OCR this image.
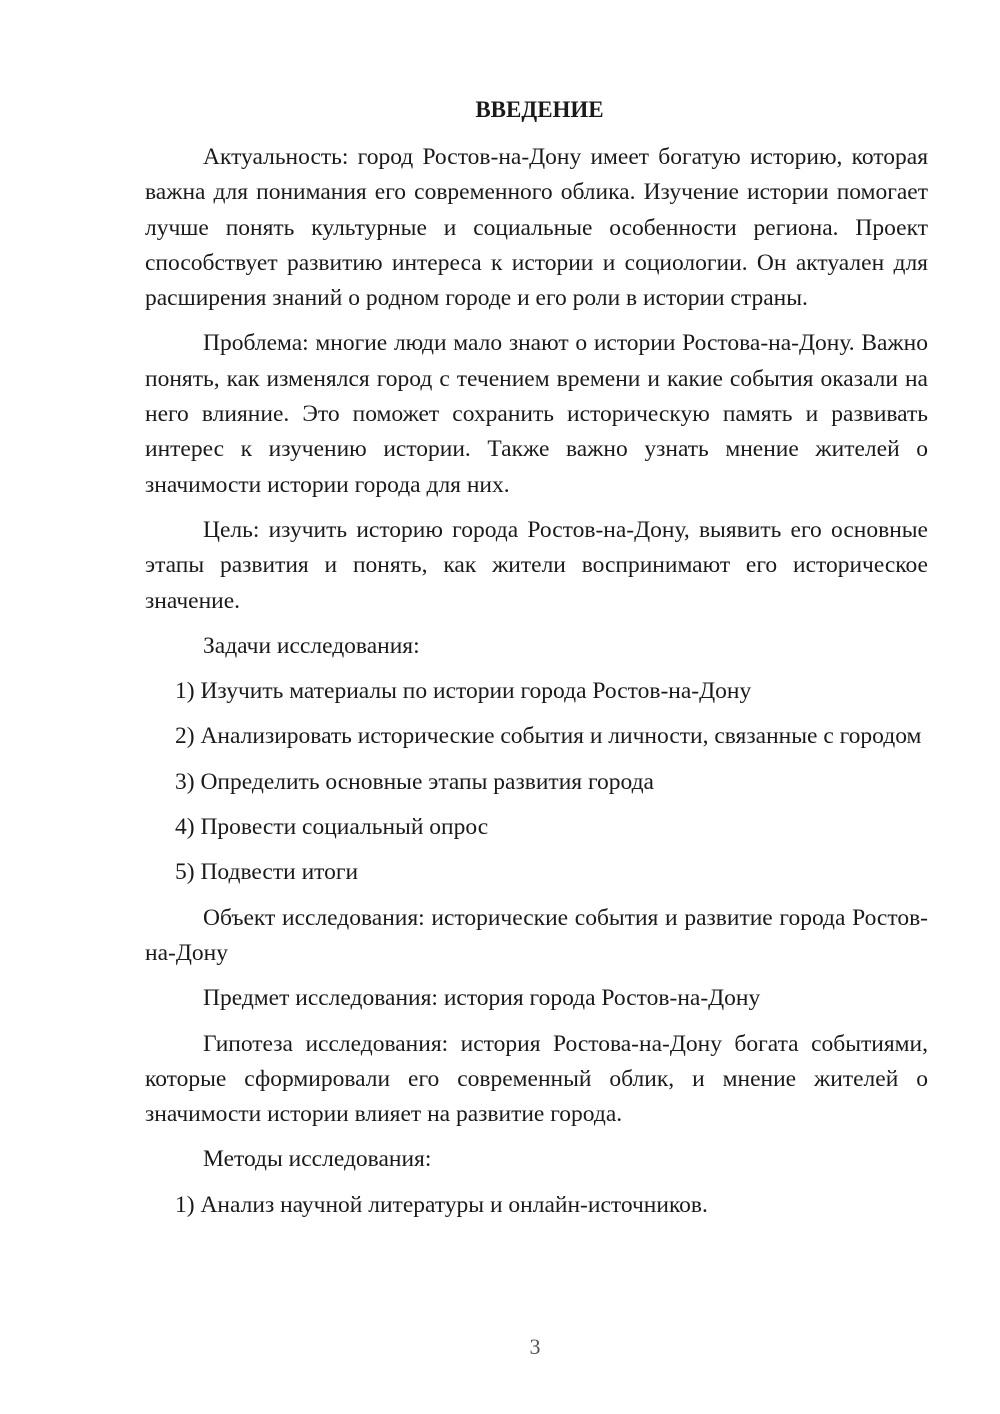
ВВЕДЕНИЕ

Актуальность: город Ростов-на-Дону имеет богатую историю, которая важна для понимания его современного облика. Изучение истории помогает лучше понять культурные и социальные особенности региона. Проект способствует развитию интереса к истории и социологии. Он актуален для расширения знаний о родном городе и его роли в истории страны.

Проблема: многие люди мало знают о истории Ростова-на-Дону. Важно понять, как изменялся город с течением времени и какие события оказали на него влияние. Это поможет сохранить историческую память и развивать интерес к изучению истории. Также важно узнать мнение жителей о значимости истории города для них.

Цель: изучить историю города Ростов-на-Дону, выявить его основные этапы развития и понять, как жители воспринимают его историческое значение.

Задачи исследования:

1) Изучить материалы по истории города Ростов-на-Дону

2) Анализировать исторические события и личности, связанные с городом

3) Определить основные этапы развития города

4) Провести социальный опрос

5) Подвести итоги

Объект исследования: исторические события и развитие города Ростов-на-Дону

Предмет исследования: история города Ростов-на-Дону

Гипотеза исследования: история Ростова-на-Дону богата событиями, которые сформировали его современный облик, и мнение жителей о значимости истории влияет на развитие города.

Методы исследования:

1) Анализ научной литературы и онлайн-источников.

3
